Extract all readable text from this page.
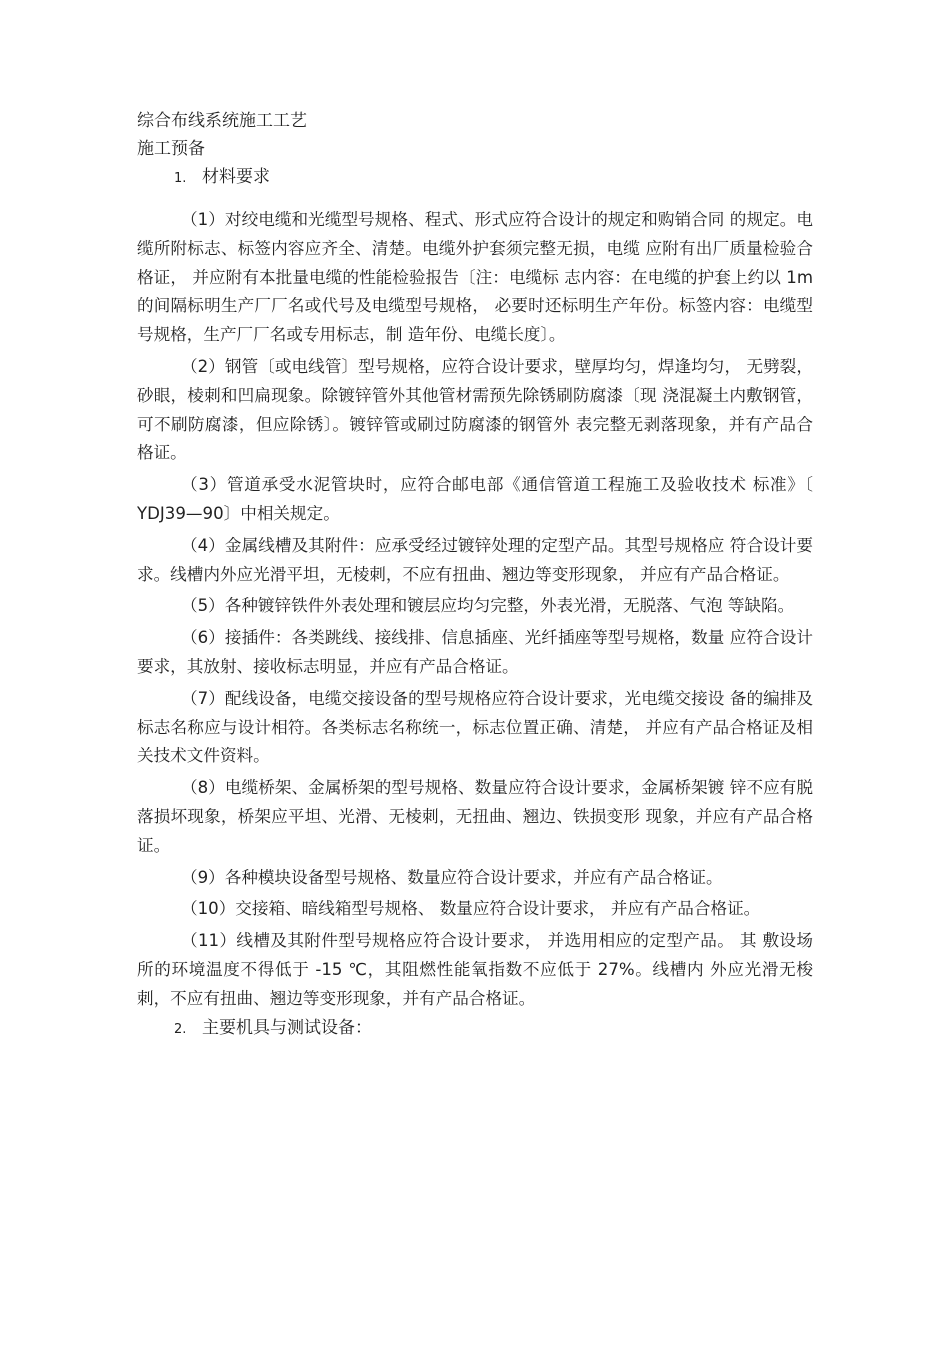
综合布线系统施工工艺
施工预备
1. 材料要求

（1）对绞电缆和光缆型号规格、程式、形式应符合设计的规定和购销合同 的规定。电缆所附标志、标签内容应齐全、清楚。电缆外护套须完整无损，电缆 应附有出厂质量检验合格证， 并应附有本批量电缆的性能检验报告〔注：电缆标 志内容：在电缆的护套上约以 1m 的间隔标明生产厂厂名或代号及电缆型号规格， 必要时还标明生产年份。标签内容：电缆型号规格，生产厂厂名或专用标志，制 造年份、电缆长度〕。

（2）钢管〔或电线管〕型号规格，应符合设计要求，壁厚均匀，焊逢均匀， 无劈裂，砂眼，棱刺和凹扁现象。除镀锌管外其他管材需预先除锈刷防腐漆〔现 浇混凝土内敷钢管，可不刷防腐漆，但应除锈〕。镀锌管或刷过防腐漆的钢管外 表完整无剥落现象，并有产品合格证。

（3）管道承受水泥管块时，应符合邮电部《通信管道工程施工及验收技术 标准》〔 YDJ39—90〕中相关规定。

（4）金属线槽及其附件：应承受经过镀锌处理的定型产品。其型号规格应 符合设计要求。线槽内外应光滑平坦，无棱刺，不应有扭曲、翘边等变形现象， 并应有产品合格证。

（5）各种镀锌铁件外表处理和镀层应均匀完整，外表光滑，无脱落、气泡 等缺陷。

（6）接插件：各类跳线、接线排、信息插座、光纤插座等型号规格，数量 应符合设计要求，其放射、接收标志明显，并应有产品合格证。

（7）配线设备，电缆交接设备的型号规格应符合设计要求，光电缆交接设 备的编排及标志名称应与设计相符。各类标志名称统一，标志位置正确、清楚， 并应有产品合格证及相关技术文件资料。

（8）电缆桥架、金属桥架的型号规格、数量应符合设计要求，金属桥架镀 锌不应有脱落损坏现象，桥架应平坦、光滑、无棱刺，无扭曲、翘边、铁损变形 现象，并应有产品合格证。

（9）各种模块设备型号规格、数量应符合设计要求，并应有产品合格证。

（10）交接箱、暗线箱型号规格、 数量应符合设计要求， 并应有产品合格证。

（11）线槽及其附件型号规格应符合设计要求， 并选用相应的定型产品。 其 敷设场所的环境温度不得低于 -15 ℃，其阻燃性能氧指数不应低于 27%。线槽内 外应光滑无梭刺，不应有扭曲、翘边等变形现象，并有产品合格证。

2. 主要机具与测试设备：
